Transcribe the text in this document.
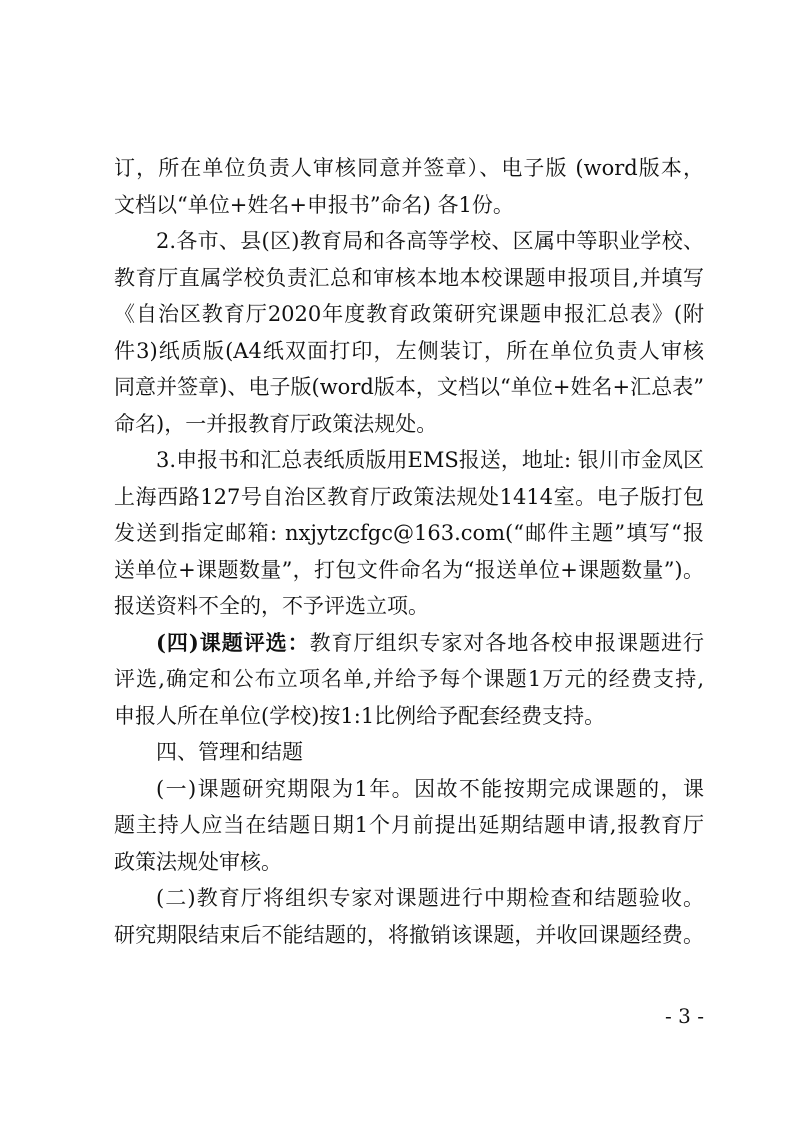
订，所在单位负责人审核同意并签章）、电子版 (word版本，
文档以“单位+姓名+申报书”命名) 各1份。
2.各市、县(区)教育局和各高等学校、区属中等职业学校、
教育厅直属学校负责汇总和审核本地本校课题申报项目,并填写
《自治区教育厅2020年度教育政策研究课题申报汇总表》(附
件3)纸质版(A4纸双面打印，左侧装订，所在单位负责人审核
同意并签章)、电子版(word版本，文档以“单位+姓名+汇总表”
命名)，一并报教育厅政策法规处。
3.申报书和汇总表纸质版用EMS报送，地址: 银川市金凤区
上海西路127号自治区教育厅政策法规处1414室。电子版打包
发送到指定邮箱: nxjytzcfgc@163.com(“邮件主题”填写“报
送单位+课题数量”，打包文件命名为“报送单位+课题数量”)。
报送资料不全的，不予评选立项。
(四)课题评选：教育厅组织专家对各地各校申报课题进行
评选,确定和公布立项名单,并给予每个课题1万元的经费支持,
申报人所在单位(学校)按1:1比例给予配套经费支持。
四、管理和结题
(一)课题研究期限为1年。因故不能按期完成课题的，课
题主持人应当在结题日期1个月前提出延期结题申请,报教育厅
政策法规处审核。
(二)教育厅将组织专家对课题进行中期检查和结题验收。
研究期限结束后不能结题的，将撤销该课题，并收回课题经费。
- 3 -
